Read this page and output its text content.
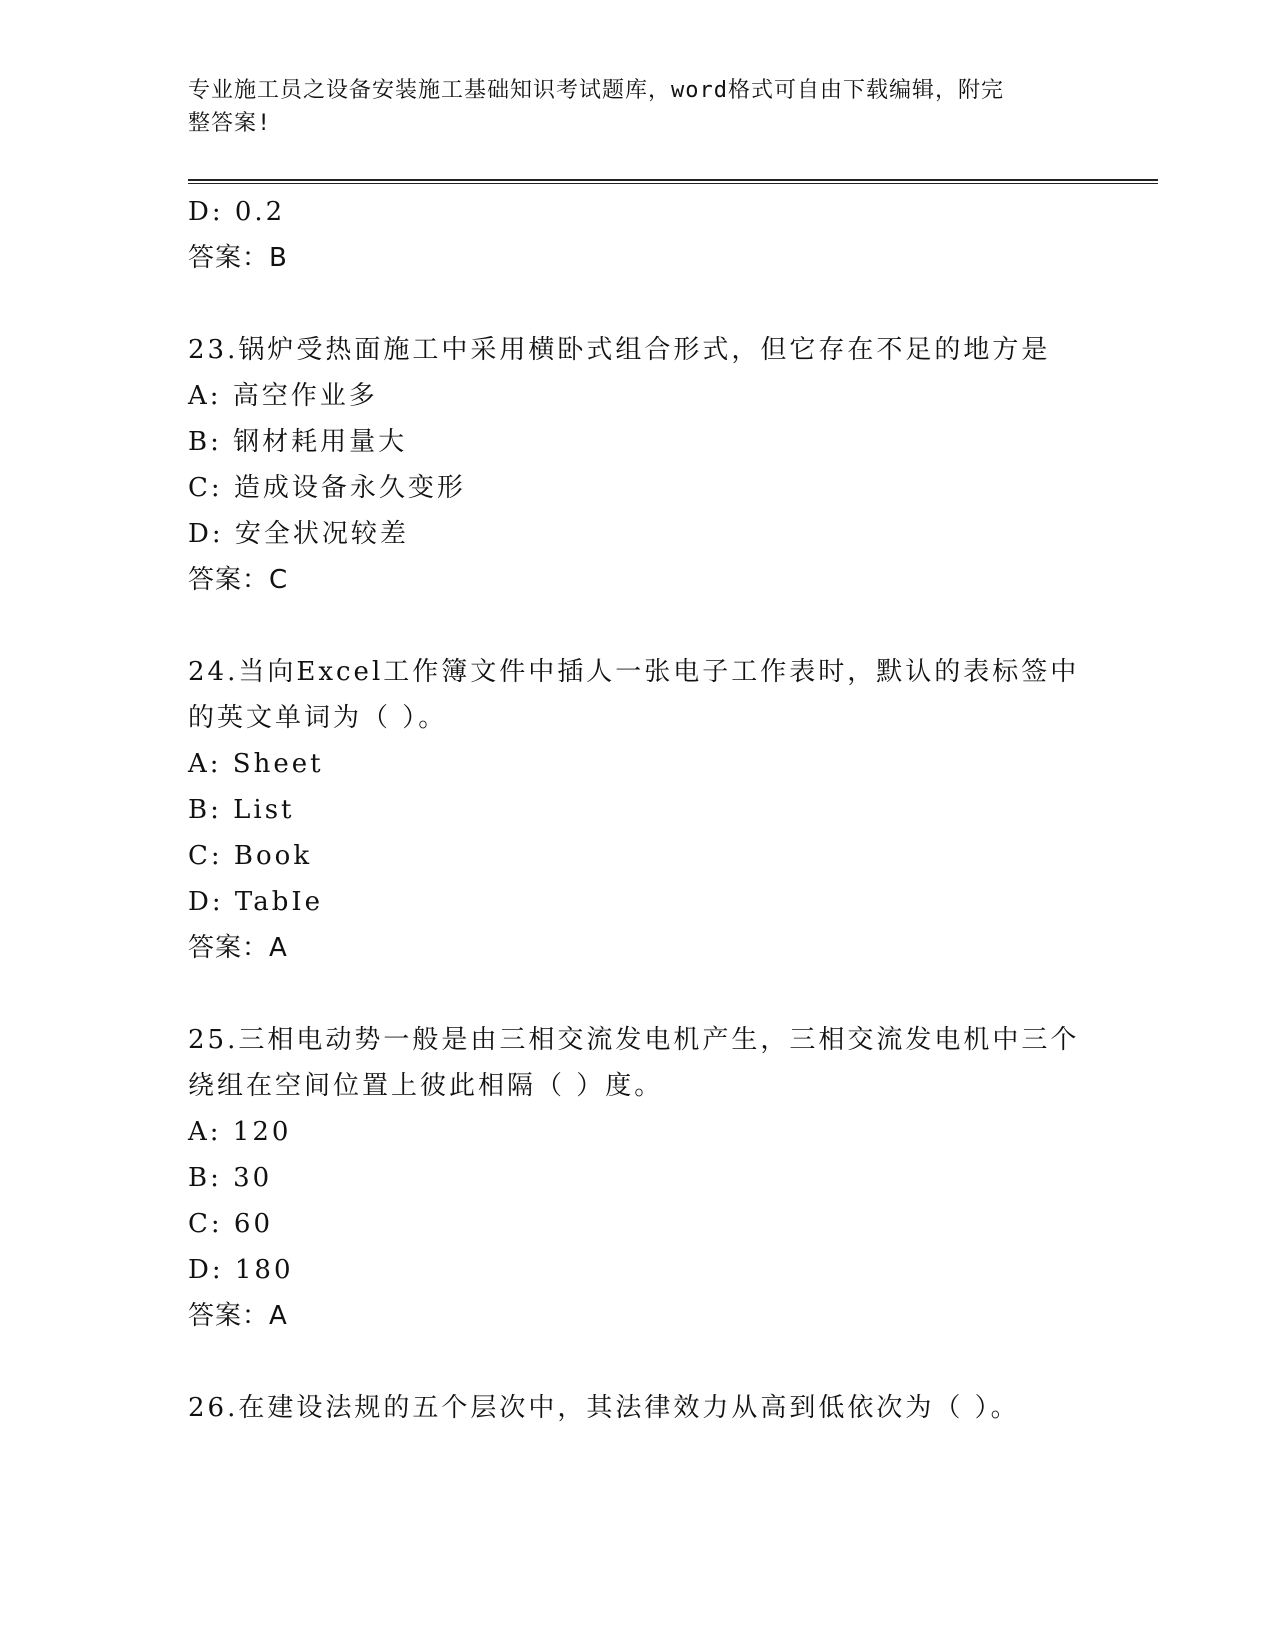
专业施工员之设备安装施工基础知识考试题库，word格式可自由下载编辑，附完
整答案!
D: 0.2
答案：B
23.锅炉受热面施工中采用横卧式组合形式，但它存在不足的地方是
A: 高空作业多
B: 钢材耗用量大
C: 造成设备永久变形
D: 安全状况较差
答案：C
24.当向Excel工作簿文件中插人一张电子工作表时，默认的表标签中
的英文单词为（ ）。
A: Sheet
B: List
C: Book
D: TabIe
答案：A
25.三相电动势一般是由三相交流发电机产生，三相交流发电机中三个
绕组在空间位置上彼此相隔（ ）度。
A: 120
B: 30
C: 60
D: 180
答案：A
26.在建设法规的五个层次中，其法律效力从高到低依次为（ ）。
